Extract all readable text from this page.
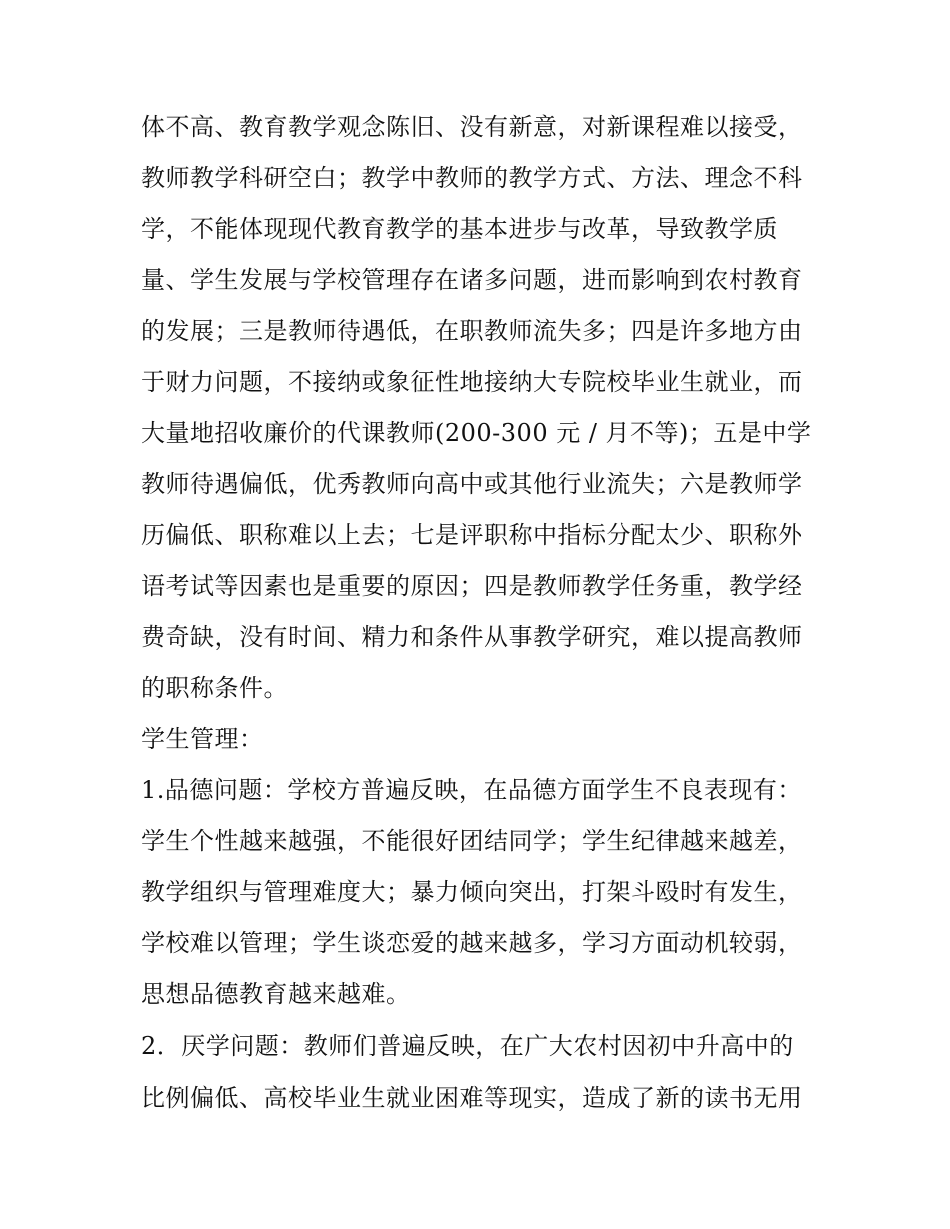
体不高、教育教学观念陈旧、没有新意，对新课程难以接受，
教师教学科研空白；教学中教师的教学方式、方法、理念不科
学，不能体现现代教育教学的基本进步与改革，导致教学质
量、学生发展与学校管理存在诸多问题，进而影响到农村教育
的发展；三是教师待遇低，在职教师流失多；四是许多地方由
于财力问题，不接纳或象征性地接纳大专院校毕业生就业，而
大量地招收廉价的代课教师(200-300 元 / 月不等)；五是中学
教师待遇偏低，优秀教师向高中或其他行业流失；六是教师学
历偏低、职称难以上去；七是评职称中指标分配太少、职称外
语考试等因素也是重要的原因；四是教师教学任务重，教学经
费奇缺，没有时间、精力和条件从事教学研究，难以提高教师
的职称条件。
学生管理：
1.品德问题：学校方普遍反映，在品德方面学生不良表现有：
学生个性越来越强，不能很好团结同学；学生纪律越来越差，
教学组织与管理难度大；暴力倾向突出，打架斗殴时有发生，
学校难以管理；学生谈恋爱的越来越多，学习方面动机较弱，
思想品德教育越来越难。
2．厌学问题：教师们普遍反映，在广大农村因初中升高中的
比例偏低、高校毕业生就业困难等现实，造成了新的读书无用
